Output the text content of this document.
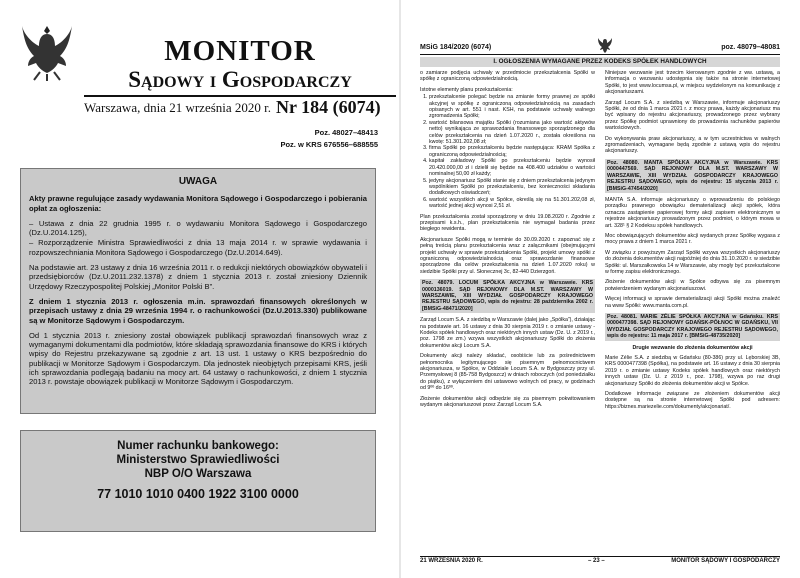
MONITOR
Sądowy i Gospodarczy
Warszawa, dnia 21 września 2020 r. Nr 184 (6074)
Poz. 48027–48413
Poz. w KRS 676556–688555
UWAGA

Akty prawne regulujące zasady wydawania Monitora Sądowego i Gospodarczego i pobierania opłat za ogłoszenia:

– Ustawa z dnia 22 grudnia 1995 r. o wydawaniu Monitora Sądowego i Gospodarczego (Dz.U.2014.125),

– Rozporządzenie Ministra Sprawiedliwości z dnia 13 maja 2014 r. w sprawie wydawania i rozpowszechniania Monitora Sądowego i Gospodarczego (Dz.U.2014.649).

Na podstawie art. 23 ustawy z dnia 16 września 2011 r. o redukcji niektórych obowiązków obywateli i przedsiębiorców (Dz.U.2011.232.1378) z dniem 1 stycznia 2013 r. został zniesiony Dziennik Urzędowy Rzeczypospolitej Polskiej „Monitor Polski B”.

Z dniem 1 stycznia 2013 r. ogłoszenia m.in. sprawozdań finansowych określonych w przepisach ustawy z dnia 29 września 1994 r. o rachunkowości (Dz.U.2013.330) publikowane są w Monitorze Sądowym i Gospodarczym.

Od 1 stycznia 2013 r. zniesiony został obowiązek publikacji sprawozdań finansowych wraz z wymaganymi dokumentami dla podmiotów, które składają sprawozdania finansowe do KRS i których wpisy do Rejestru przekazywane są zgodnie z art. 13 ust. 1 ustawy o KRS bezpośrednio do publikacji w Monitorze Sądowym i Gospodarczym. Dla jednostek nieobjętych przepisami KRS, jeśli ich sprawozdania podlegają badaniu na mocy art. 64 ustawy o rachunkowości, z dniem 1 stycznia 2013 r. powstaje obowiązek publikacji w Monitorze Sądowym i Gospodarczym.

Numer rachunku bankowego:
Ministerstwo Sprawiedliwości
NBP O/O Warszawa
77 1010 1010 0400 1922 3100 0000
MSiG 184/2020 (6074)	poz. 48079–48081
I. OGŁOSZENIA WYMAGANE PRZEZ KODEKS SPÓŁEK HANDLOWYCH

o zamiarze podjęcia uchwały w przedmiocie przekształcenia Spółki w spółkę z ograniczoną odpowiedzialnością.

Istotne elementy planu przekształcenia:

1. przekształcenie polegać będzie na zmianie formy prawnej ze spółki akcyjnej w spółkę z ograniczoną odpowiedzialnością na zasadach opisanych w art. 551 i nast. KSH, na podstawie uchwały walnego zgromadzenia Spółki;
2. wartość bilansowa majątku Spółki (rozumiana jako wartość aktywów netto) wynikająca ze sprawozdania finansowego sporządzonego dla celów przekształcenia na dzień 1.07.2020 r., została określona na kwotę: 51.301.202,08 zł;
3. firma Spółki po przekształceniu będzie następująca: KRAM Spółka z ograniczoną odpowiedzialnością;
4. kapitał zakładowy Spółki po przekształceniu będzie wynosił 20.420.000,00 zł i dzielił się będzie na 408.400 udziałów o wartości nominalnej 50,00 zł każdy;
5. jedyny akcjonariusz Spółki stanie się z dniem przekształcenia jedynym wspólnikiem Spółki po przekształceniu, bez konieczności składania dodatkowych oświadczeń;
6. wartość wszystkich akcji w Spółce, określą się na 51.301.202,08 zł, wartość jednej akcji wynosi 2,51 zł.

Plan przekształcenia został sporządzony w dniu 19.08.2020 r. Zgodnie z przepisami k.s.h., plan przekształcenia nie wymagał badania przez biegłego rewidenta.

Akcjonariusze Spółki mogą w terminie do 30.09.2020 r. zapoznać się z pełną treścią planu przekształcenia wraz z załącznikami (obejmującymi projekt uchwały w sprawie przekształcenia Spółki, projekt umowy spółki z ograniczoną odpowiedzialnością oraz sprawozdanie finansowe sporządzone dla celów przekształcenia na dzień 1.07.2020 roku) w siedzibie Spółki przy ul. Słonecznej 3c, 82-440 Dzierzgoń.

Poz. 48079. LOCUM SPÓŁKA AKCYJNA w Warszawie. KRS 0000136019. SĄD REJONOWY DLA M.ST. WARSZAWY W WARSZAWIE, XIII WYDZIAŁ GOSPODARCZY KRAJOWEGO REJESTRU SĄDOWEGO, wpis do rejestru: 28 października 2002 r. [BMSiG-48471/2020]

Zarząd Locum S.A. z siedzibą w Warszawie (dalej jako „Spółka”), działając na podstawie art. 16 ustawy z dnia 30 sierpnia 2019 r. o zmianie ustawy - Kodeks spółek handlowych oraz niektórych innych ustaw (Dz. U. z 2019 r., poz. 1798 ze zm.) wzywa wszystkich akcjonariuszy Spółki do złożenia dokumentów akcji Locum S.A.

Dokumenty akcji należy składać, osobiście lub za pośrednictwem pełnomocnika legitymującego się pisemnym pełnomocnictwem akcjonariusza, w Spółce, w Oddziale Locum S.A. w Bydgoszczy przy ul. Przemysłowej 8 (85-758 Bydgoszcz) w dniach roboczych (od poniedziałku do piątku), z wyłączeniem dni ustawowo wolnych od pracy, w godzinach od 9ºº do 16ºº.

Złożenie dokumentów akcji odbędzie się za pisemnym pokwitowaniem wydanym akcjonariuszowi przez Zarząd Locum S.A.

Niniejsze wezwanie jest trzecim kierowanym zgodnie z ww. ustawą, a informacja o wezwaniu udostępnia się także na stronie internetowej Spółki, to jest www.locumsa.pl, w miejscu wydzielonym na komunikację z akcjonariuszami.

Zarząd Locum S.A. z siedzibą w Warszawie, informuje akcjonariuszy Spółki, że od dnia 1 marca 2021 r. z mocy prawa, każdy akcjonariusz ma być wpisany do rejestru akcjonariuszy, prowadzonego przez wybrany przez Spółkę podmiot uprawniony do prowadzenia rachunków papierów wartościowych.

Do wykonywania praw akcjonariuszy, a w tym uczestnictwa w walnych zgromadzeniach, wymagane będą zgodnie z ustawą wpis do rejestru akcjonariuszy.

Poz. 48080. MANTA SPÓŁKA AKCYJNA w Warszawie. KRS 0000447569. SĄD REJONOWY DLA M.ST. WARSZAWY W WARSZAWIE, XIII WYDZIAŁ GOSPODARCZY KRAJOWEGO REJESTRU SĄDOWEGO, wpis do rejestru: 15 stycznia 2013 r. [BMSiG-47454/2020]

MANTA S.A. informuje akcjonariuszy o wprowadzeniu do polskiego porządku prawnego obowiązku dematerializacji akcji spółek, która oznacza zastąpienie papierowej formy akcji zapisem elektronicznym w rejestrze akcjonariuszy prowadzonym przez podmiot, o którym mowa w art. 328¹ § 2 Kodeksu spółek handlowych.

Moc obowiązujących dokumentów akcji wydanych przez Spółkę wygasa z mocy prawa z dniem 1 marca 2021 r.

W związku z powyższym Zarząd Spółki wzywa wszystkich akcjonariuszy do złożenia dokumentów akcji najpóźniej do dnia 31.10.2020 r. w siedzibie Spółki: ul. Marszałkowska 14 w Warszawie, aby mogły być przekształcone w formę zapisu elektronicznego.

Złożenie dokumentów akcji w Spółce odbywa się za pisemnym potwierdzeniem wydanym akcjonariuszowi.

Więcej informacji w sprawie dematerializacji akcji Spółki można znaleźć na www Spółki: www.manta.com.pl.

Poz. 48081. MARIE ZÉLIE SPÓŁKA AKCYJNA w Gdańsku. KRS 0000477398. SĄD REJONOWY GDAŃSK-PÓŁNOC W GDAŃSKU, VII WYDZIAŁ GOSPODARCZY KRAJOWEGO REJESTRU SĄDOWEGO, wpis do rejestru: 11 maja 2017 r. [BMSiG-48735/2020]

Drugie wezwanie do złożenia dokumentów akcji

Marie Zélie S.A. z siedzibą w Gdańsku (80-386) przy ul. Lęborskiej 3B, KRS 0000477398 (Spółka), na podstawie art. 16 ustawy z dnia 30 sierpnia 2019 r. o zmianie ustawy Kodeks spółek handlowych oraz niektórych innych ustaw (Dz. U. z 2019 r., poz. 1798), wzywa po raz drugi akcjonariuszy Spółki do złożenia dokumentów akcji w Spółce.

Dodatkowe informacje związane ze złożeniem dokumentów akcji dostępne są na stronie internetowej Spółki pod adresem: https://biznes.mariezelie.com/dokumenty/akcjonariat/.

21 WRZEŚNIA 2020 R.	– 23 –	MONITOR SĄDOWY I GOSPODARCZY
